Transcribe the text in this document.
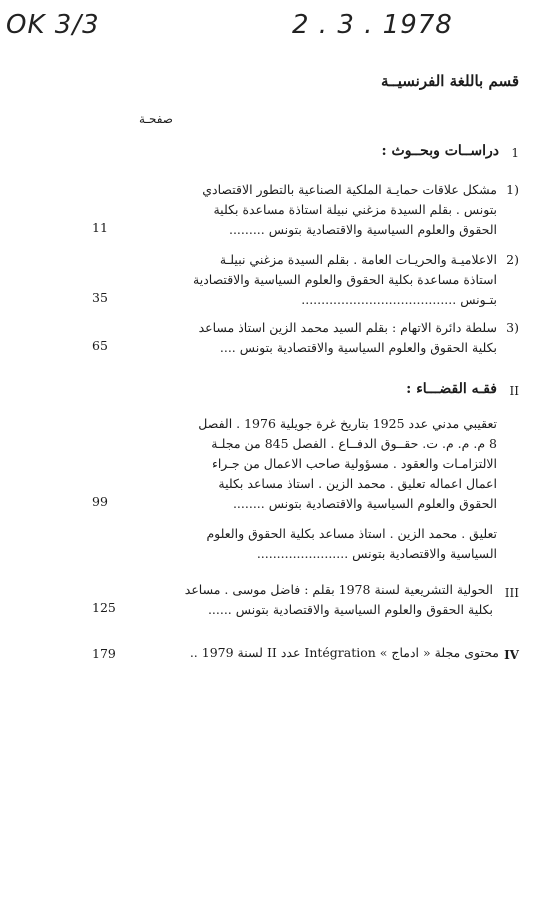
OK 3/3	2 . 3 . 1978
قسم باللغة الفرنسيــة
صفحـة
1
دراســات وبحــوث :
1)
مشكل علاقات حمايـة الملكية الصناعية بالتطور الاقتصادي
بتونس . بقلم السيدة مزغني نبيلة استاذة مساعدة بكلية
الحقوق والعلوم السياسية والاقتصادية بتونس .........
11
2)
الاعلاميـة والحريـات العامة . بقلم السيدة مزغني نبيلـة
استاذة مساعدة بكلية الحقوق والعلوم السياسية والاقتصادية
بتـونس .......................................
35
3)
سلطة دائرة الاتهام : بقلم السيد محمد الزين استاذ مساعد
بكلية الحقوق والعلوم السياسية والاقتصادية بتونس ....
65
II
فقـه القضـــاء :
تعقيبي مدني عدد 1925 بتاريخ غرة جويلية 1976 . الفصل
8 م. م. م. ت. حقــوق الدفــاع . الفصل 845 من مجلـة
الالتزامـات والعقود . مسؤولية صاحب الاعمال من جـراء
اعمال اعماله تعليق . محمد الزين . استاذ مساعد بكلية
الحقوق والعلوم السياسية والاقتصادية بتونس ........
99
تعليق . محمد الزين . استاذ مساعد بكلية الحقوق والعلوم
السياسية والاقتصادية بتونس .......................
III
الحولية التشريعية لسنة 1978 بقلم : فاضل موسى . مساعد
بكلية الحقوق والعلوم السياسية والاقتصادية بتونس ......
125
IV
محتوى مجلة « ادماج » Intégration عدد II لسنة 1979 ..
179
